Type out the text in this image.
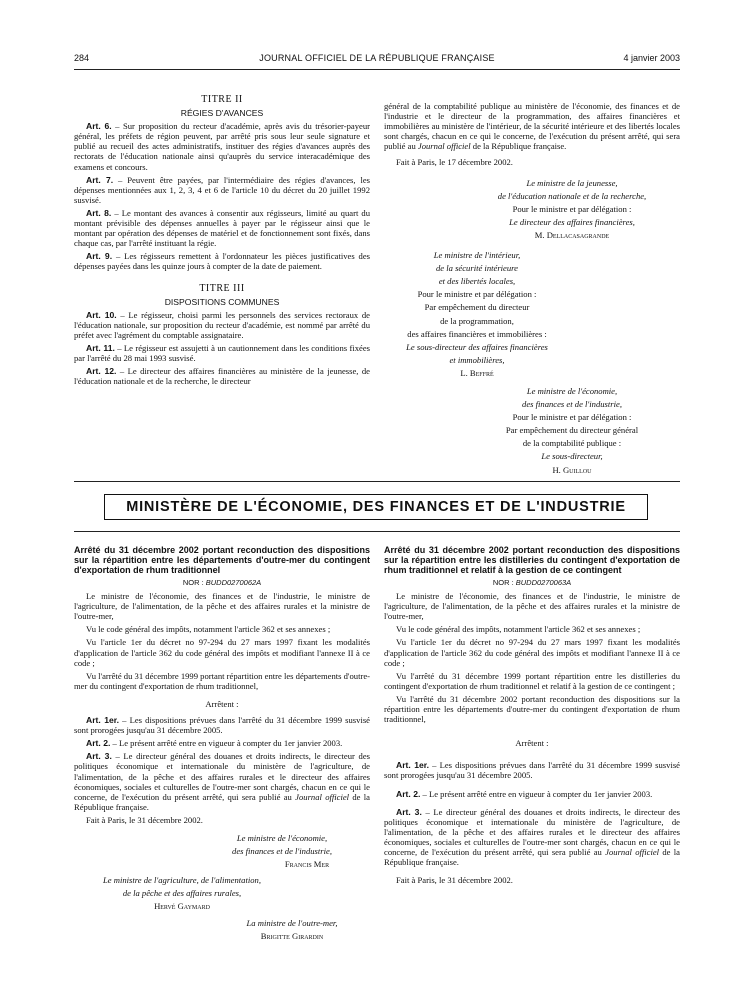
284	JOURNAL OFFICIEL DE LA RÉPUBLIQUE FRANÇAISE	4 janvier 2003

TITRE II

RÉGIES D'AVANCES

Art. 6. – Sur proposition du recteur d'académie, après avis du trésorier-payeur général, les préfets de région peuvent, par arrêté pris sous leur seule signature et publié au recueil des actes administratifs, instituer des régies d'avances auprès des rectorats de l'éducation nationale ainsi qu'auprès du service interacadémique des examens et concours.

Art. 7. – Peuvent être payées, par l'intermédiaire des régies d'avances, les dépenses mentionnées aux 1, 2, 3, 4 et 6 de l'article 10 du décret du 20 juillet 1992 susvisé.

Art. 8. – Le montant des avances à consentir aux régisseurs, limité au quart du montant prévisible des dépenses annuelles à payer par le régisseur ainsi que le montant par opération des dépenses de matériel et de fonctionnement sont fixés, dans chaque cas, par l'arrêté instituant la régie.

Art. 9. – Les régisseurs remettent à l'ordonnateur les pièces justificatives des dépenses payées dans les quinze jours à compter de la date de paiement.

TITRE III

DISPOSITIONS COMMUNES

Art. 10. – Le régisseur, choisi parmi les personnels des services rectoraux de l'éducation nationale, sur proposition du recteur d'académie, est nommé par arrêté du préfet avec l'agrément du comptable assignataire.

Art. 11. – Le régisseur est assujetti à un cautionnement dans les conditions fixées par l'arrêté du 28 mai 1993 susvisé.

Art. 12. – Le directeur des affaires financières au ministère de la jeunesse, de l'éducation nationale et de la recherche, le directeur

général de la comptabilité publique au ministère de l'économie, des finances et de l'industrie et le directeur de la programmation, des affaires financières et immobilières au ministère de l'intérieur, de la sécurité intérieure et des libertés locales sont chargés, chacun en ce qui le concerne, de l'exécution du présent arrêté, qui sera publié au Journal officiel de la République française.

Fait à Paris, le 17 décembre 2002.

Le ministre de la jeunesse,

de l'éducation nationale et de la recherche,

Pour le ministre et par délégation :

Le directeur des affaires financières,

M. Dellacasagrande

Le ministre de l'intérieur,

de la sécurité intérieure

et des libertés locales,

Pour le ministre et par délégation :

Par empêchement du directeur

de la programmation,

des affaires financières et immobilières :

Le sous-directeur des affaires financières

et immobilières,

L. Beffré

Le ministre de l'économie,

des finances et de l'industrie,

Pour le ministre et par délégation :

Par empêchement du directeur général

de la comptabilité publique :

Le sous-directeur,

H. Guillou

MINISTÈRE DE L'ÉCONOMIE, DES FINANCES ET DE L'INDUSTRIE

Arrêté du 31 décembre 2002 portant reconduction des dispositions sur la répartition entre les départements d'outre-mer du contingent d'exportation de rhum traditionnel

NOR : BUDD0270062A

Le ministre de l'économie, des finances et de l'industrie, le ministre de l'agriculture, de l'alimentation, de la pêche et des affaires rurales et la ministre de l'outre-mer,

Vu le code général des impôts, notamment l'article 362 et ses annexes ;

Vu l'article 1er du décret no 97-294 du 27 mars 1997 fixant les modalités d'application de l'article 362 du code général des impôts et modifiant l'annexe II à ce code ;

Vu l'arrêté du 31 décembre 1999 portant répartition entre les départements d'outre-mer du contingent d'exportation de rhum traditionnel,

Arrêtent :

Art. 1er. – Les dispositions prévues dans l'arrêté du 31 décembre 1999 susvisé sont prorogées jusqu'au 31 décembre 2005.

Art. 2. – Le présent arrêté entre en vigueur à compter du 1er janvier 2003.

Art. 3. – Le directeur général des douanes et droits indirects, le directeur des politiques économique et internationale du ministère de l'agriculture, de l'alimentation, de la pêche et des affaires rurales et le directeur des affaires économiques, sociales et culturelles de l'outre-mer sont chargés, chacun en ce qui le concerne, de l'exécution du présent arrêté, qui sera publié au Journal officiel de la République française.

Fait à Paris, le 31 décembre 2002.

Le ministre de l'économie,

des finances et de l'industrie,

Francis Mer

Le ministre de l'agriculture, de l'alimentation,

de la pêche et des affaires rurales,

Hervé Gaymard

La ministre de l'outre-mer,

Brigitte Girardin

Arrêté du 31 décembre 2002 portant reconduction des dispositions sur la répartition entre les distilleries du contingent d'exportation de rhum traditionnel et relatif à la gestion de ce contingent

NOR : BUDD0270063A

Le ministre de l'économie, des finances et de l'industrie, le ministre de l'agriculture, de l'alimentation, de la pêche et des affaires rurales et la ministre de l'outre-mer,

Vu le code général des impôts, notamment l'article 362 et ses annexes ;

Vu l'article 1er du décret no 97-294 du 27 mars 1997 fixant les modalités d'application de l'article 362 du code général des impôts et modifiant l'annexe II à ce code ;

Vu l'arrêté du 31 décembre 1999 portant répartition entre les distilleries du contingent d'exportation de rhum traditionnel et relatif à la gestion de ce contingent ;

Vu l'arrêté du 31 décembre 2002 portant reconduction des dispositions sur la répartition entre les départements d'outre-mer du contingent d'exportation de rhum traditionnel,

Arrêtent :

Art. 1er. – Les dispositions prévues dans l'arrêté du 31 décembre 1999 susvisé sont prorogées jusqu'au 31 décembre 2005.

Art. 2. – Le présent arrêté entre en vigueur à compter du 1er janvier 2003.

Art. 3. – Le directeur général des douanes et droits indirects, le directeur des politiques économique et internationale du ministère de l'agriculture, de l'alimentation, de la pêche et des affaires rurales et le directeur des affaires économiques, sociales et culturelles de l'outre-mer sont chargés, chacun en ce qui le concerne, de l'exécution du présent arrêté, qui sera publié au Journal officiel de la République française.

Fait à Paris, le 31 décembre 2002.
